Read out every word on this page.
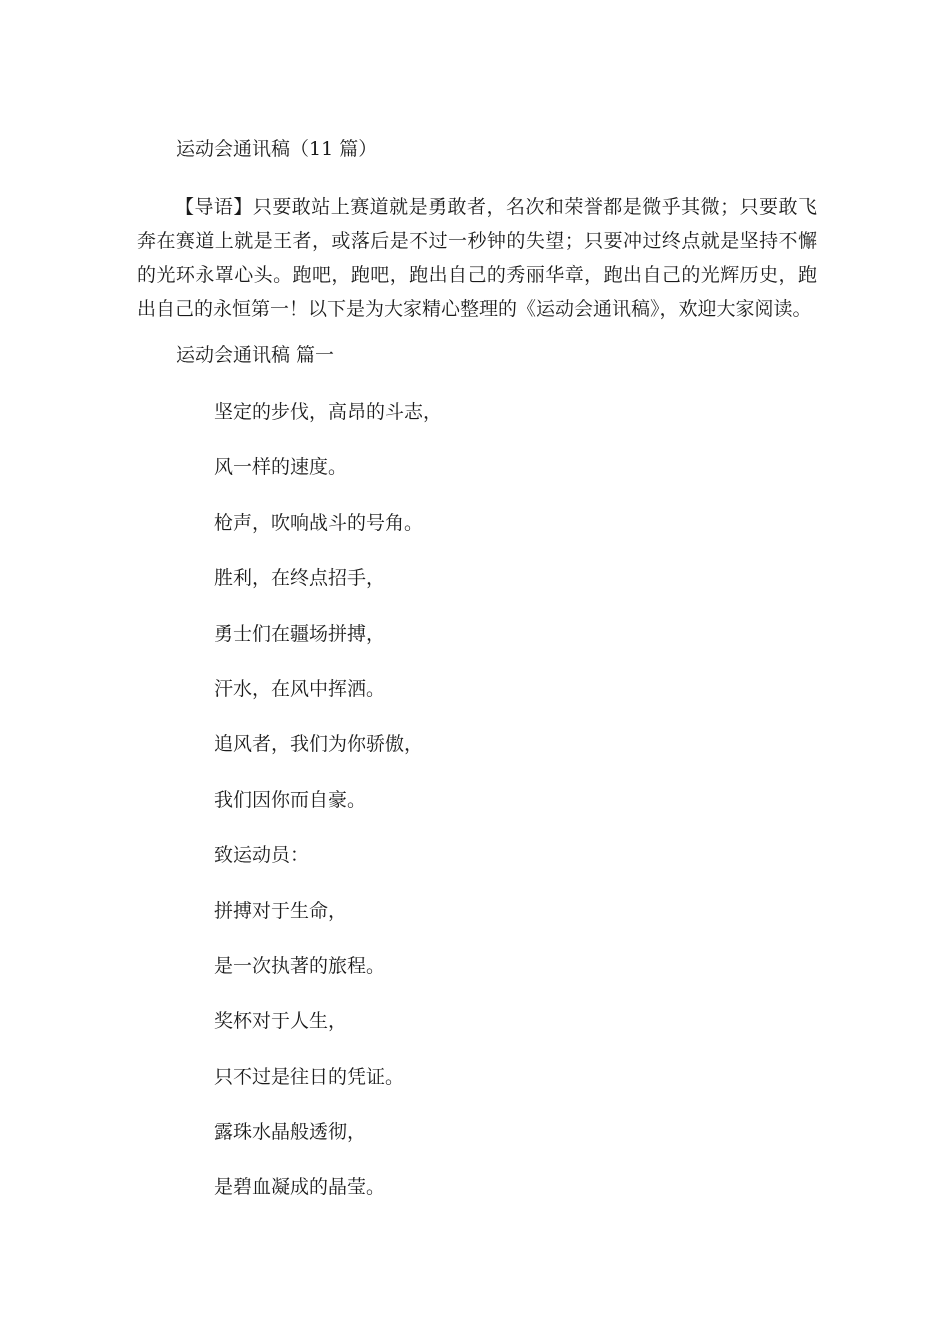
运动会通讯稿（11 篇）

【导语】只要敢站上赛道就是勇敢者，名次和荣誉都是微乎其微；只要敢飞奔在赛道上就是王者，或落后是不过一秒钟的失望；只要冲过终点就是坚持不懈的光环永罩心头。跑吧，跑吧，跑出自己的秀丽华章，跑出自己的光辉历史，跑出自己的永恒第一！以下是为大家精心整理的《运动会通讯稿》，欢迎大家阅读。

运动会通讯稿 篇一
坚定的步伐，高昂的斗志，
风一样的速度。
枪声，吹响战斗的号角。
胜利，在终点招手，
勇士们在疆场拼搏，
汗水，在风中挥洒。
追风者，我们为你骄傲，
我们因你而自豪。
致运动员：
拼搏对于生命，
是一次执著的旅程。
奖杯对于人生，
只不过是往日的凭证。
露珠水晶般透彻，
是碧血凝成的晶莹。
